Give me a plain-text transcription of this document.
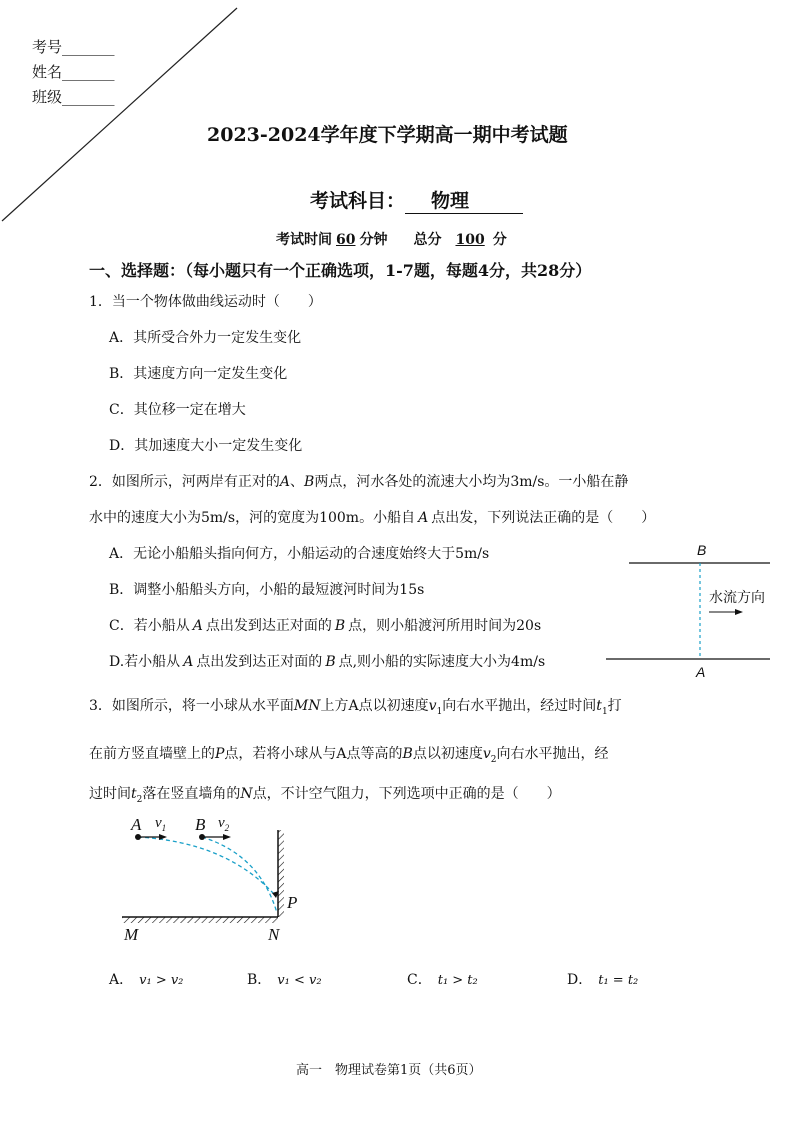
考号_______
姓名_______
班级_______
2023-2024学年度下学期高一期中考试题
考试科目： 物理
考试时间 60 分钟 总分 100 分
一、选择题：（每小题只有一个正确选项，1-7题，每题4分，共28分）
1．当一个物体做曲线运动时（　　）
A．其所受合外力一定发生变化
B．其速度方向一定发生变化
C．其位移一定在增大
D．其加速度大小一定发生变化
2．如图所示，河两岸有正对的A、B两点，河水各处的流速大小均为3m/s。一小船在静
水中的速度大小为5m/s，河的宽度为100m。小船自 A 点出发，下列说法正确的是（　　）
A．无论小船船头指向何方，小船运动的合速度始终大于5m/s
B．调整小船船头方向，小船的最短渡河时间为15s
C．若小船从 A 点出发到达正对面的 B 点，则小船渡河所用时间为20s
D.若小船从 A 点出发到达正对面的 B 点,则小船的实际速度大小为4m/s
B
A
水流方向
3．如图所示，将一小球从水平面MN上方A点以初速度$v_1$向右水平抛出，经过时间$t_1$打
在前方竖直墙壁上的P点，若将小球从与A点等高的B点以初速度$v_2$向右水平抛出，经
过时间$t_2$落在竖直墙角的N点，不计空气阻力，下列选项中正确的是（　　）
A $v_1$ B $v_2$
P
M	N
A． v₁ > v₂	B． v₁ < v₂	C． t₁ > t₂	D． t₁ = t₂
高一　物理试卷第1页（共6页）
